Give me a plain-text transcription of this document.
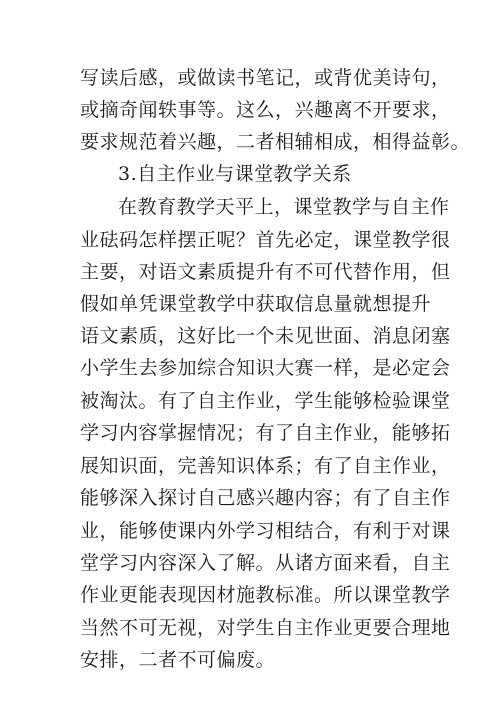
写读后感，或做读书笔记，或背优美诗句，
或摘奇闻轶事等。这么，兴趣离不开要求，
要求规范着兴趣，二者相辅相成，相得益彰。
3.自主作业与课堂教学关系
在教育教学天平上，课堂教学与自主作
业砝码怎样摆正呢？首先必定，课堂教学很
主要，对语文素质提升有不可代替作用，但
假如单凭课堂教学中获取信息量就想提升
语文素质，这好比一个未见世面、消息闭塞
小学生去参加综合知识大赛一样，是必定会
被淘汰。有了自主作业，学生能够检验课堂
学习内容掌握情况；有了自主作业，能够拓
展知识面，完善知识体系；有了自主作业，
能够深入探讨自己感兴趣内容；有了自主作
业，能够使课内外学习相结合，有利于对课
堂学习内容深入了解。从诸方面来看，自主
作业更能表现因材施教标准。所以课堂教学
当然不可无视，对学生自主作业更要合理地
安排，二者不可偏废。
